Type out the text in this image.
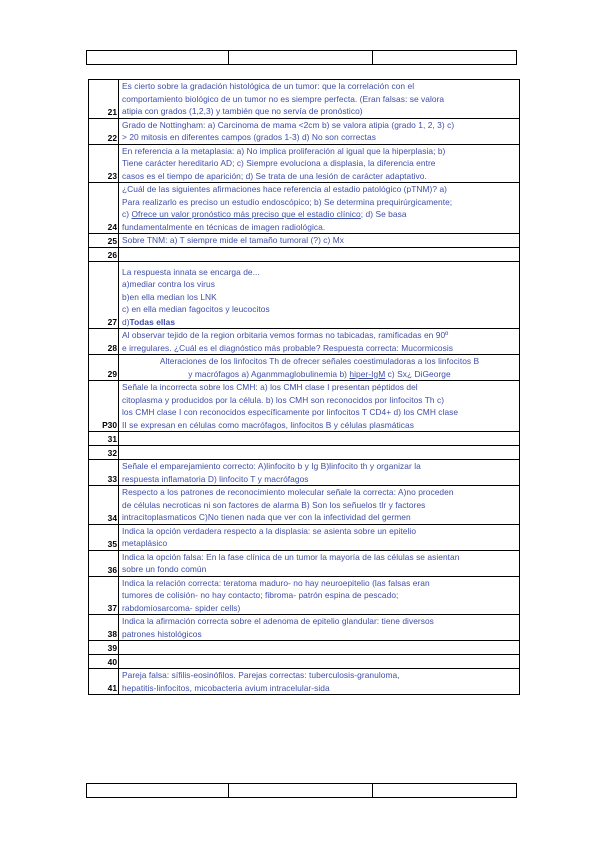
21	Es cierto sobre la gradación histológica de un tumor: que la correlación con el
comportamiento biológico de un tumor no es siempre perfecta. (Eran falsas: se valora
atipia con grados (1,2,3) y también que no servía de pronóstico)

22	Grado de Nottingham: a) Carcinoma de mama <2cm b) se valora atipia (grado 1, 2, 3) c)
> 20 mitosis en diferentes campos (grados 1-3) d) No son correctas

23	En referencia a la metaplasia: a) No implica proliferación al igual que la hiperplasia; b)
Tiene carácter hereditario AD; c) Siempre evoluciona a displasia, la diferencia entre
casos es el tiempo de aparición; d) Se trata de una lesión de carácter adaptativo.

24	¿Cuál de las siguientes afirmaciones hace referencia al estadio patológico (pTNM)? a)
Para realizarlo es preciso un estudio endoscópico; b) Se determina prequirúrgicamente;
c) Ofrece un valor pronóstico más preciso que el estadio clínico; d) Se basa
fundamentalmente en técnicas de imagen radiológica.

25	Sobre TNM: a) T siempre mide el tamaño tumoral (?) c) Mx

26	
27	La respuesta innata se encarga de...
a)mediar contra los virus
b)en ella median los LNK
c) en ella median fagocitos y leucocitos
d)Todas ellas

28	Al observar tejido de la region orbitaria vemos formas no tabicadas, ramificadas en 90º
e irregulares. ¿Cuál es el diagnóstico más probable? Respuesta correcta: Mucormicosis

29	Alteraciones de los linfocitos Th de ofrecer señales coestimuladoras a los linfocitos B
y macrófagos a) Aganmmaglobulinemia b) hiper-IgM c) Sx¿ DiGeorge

P30	Señale la incorrecta sobre los CMH: a) los CMH clase I presentan péptidos del
citoplasma y producidos por la célula. b) los CMH son reconocidos por linfocitos Th c)
los CMH clase I con reconocidos específicamente por linfocitos T CD4+ d) los CMH clase
II se expresan en células como macrófagos, linfocitos B y células plasmáticas

31	
32	
33	Señale el emparejamiento correcto: A)linfocito b y Ig B)linfocito th y organizar la
respuesta inflamatoria D) linfocito T y macrófagos

34	Respecto a los patrones de reconocimiento molecular señale la correcta: A)no proceden
de células necroticas ni son factores de alarma B) Son los señuelos tlr y factores
intracitoplasmaticos C)No tienen nada que ver con la infectividad del germen

35	Indica la opción verdadera respecto a la displasia: se asienta sobre un epitelio
metaplásico

36	Indica la opción falsa: En la fase clínica de un tumor la mayoría de las células se asientan
sobre un fondo común

37	Indica la relación correcta: teratoma maduro- no hay neuroepitelio (las falsas eran
tumores de colisión- no hay contacto; fibroma- patrón espina de pescado;
rabdomiosarcoma- spider cells)

38	Indica la afirmación correcta sobre el adenoma de epitelio glandular: tiene diversos
patrones histológicos

39	
40	
41	Pareja falsa: sífilis-eosinófilos. Parejas correctas: tuberculosis-granuloma,
hepatitis-linfocitos, micobacteria avium intracelular-sida
